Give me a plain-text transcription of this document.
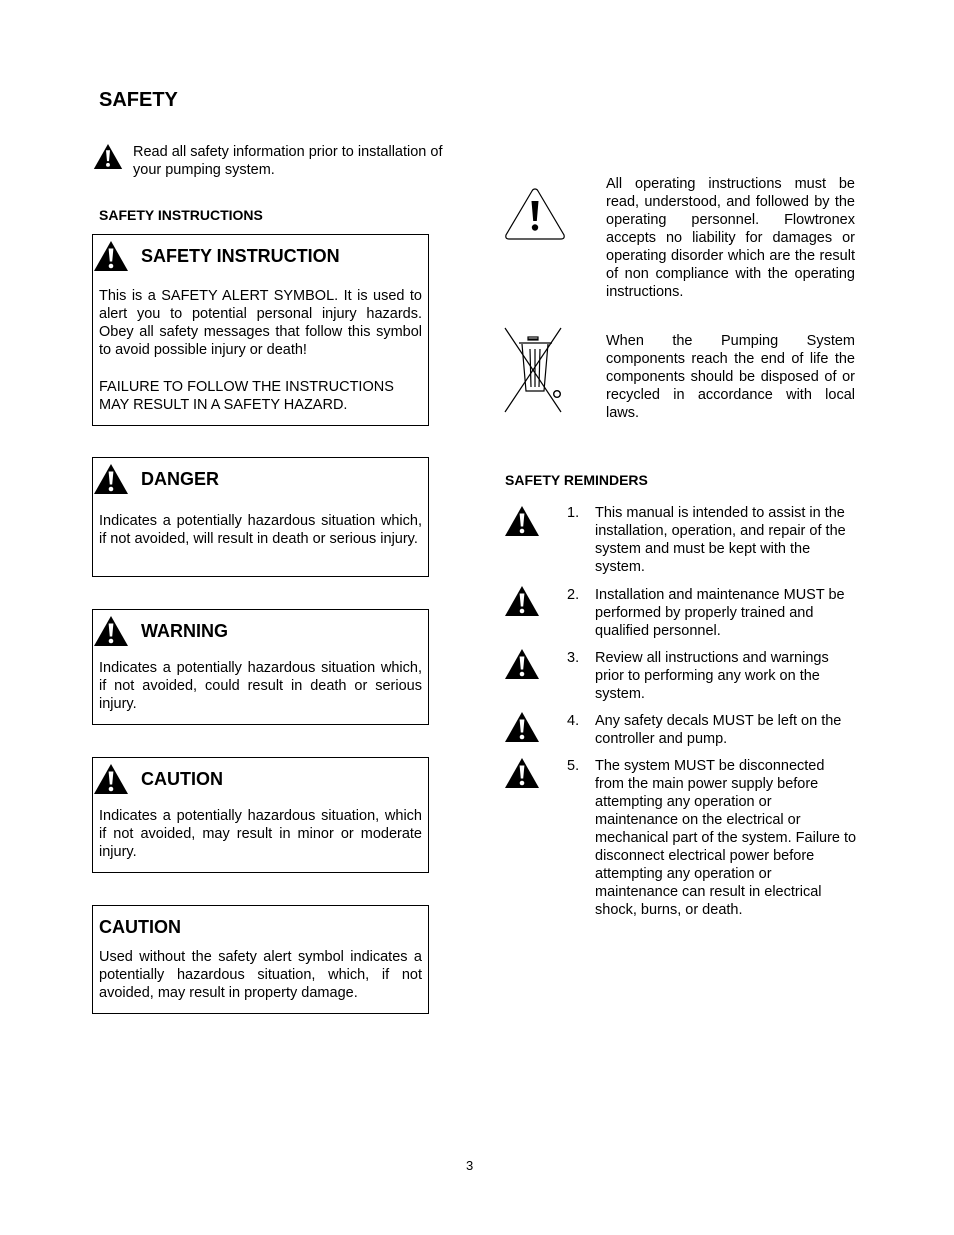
SAFETY
Read all safety information prior to installation of your pumping system.
SAFETY INSTRUCTIONS
SAFETY INSTRUCTION
This is a SAFETY ALERT SYMBOL. It is used to alert you to potential personal injury hazards. Obey all safety messages that follow this symbol to avoid possible injury or death!
FAILURE TO FOLLOW THE INSTRUCTIONS MAY RESULT IN A SAFETY HAZARD.
DANGER
Indicates a potentially hazardous situation which, if not avoided, will result in death or serious injury.
WARNING
Indicates a potentially hazardous situation which, if not avoided, could result in death or serious injury.
CAUTION
Indicates a potentially hazardous situation, which if not avoided, may result in minor or moderate injury.
CAUTION
Used without the safety alert symbol indicates a potentially hazardous situation, which, if not avoided, may result in property damage.
All operating instructions must be read, understood, and followed by the operating personnel. Flowtronex accepts no liability for damages or operating disorder which are the result of non compliance with the operating instructions.
When the Pumping System components reach the end of life the components should be disposed of or recycled in accordance with local laws.
SAFETY REMINDERS
1. This manual is intended to assist in the installation, operation, and repair of the system and must be kept with the system.
2. Installation and maintenance MUST be performed by properly trained and qualified personnel.
3. Review all instructions and warnings prior to performing any work on the system.
4. Any safety decals MUST be left on the controller and pump.
5. The system MUST be disconnected from the main power supply before attempting any operation or maintenance on the electrical or mechanical part of the system. Failure to disconnect electrical power before attempting any operation or maintenance can result in electrical shock, burns, or death.
3
